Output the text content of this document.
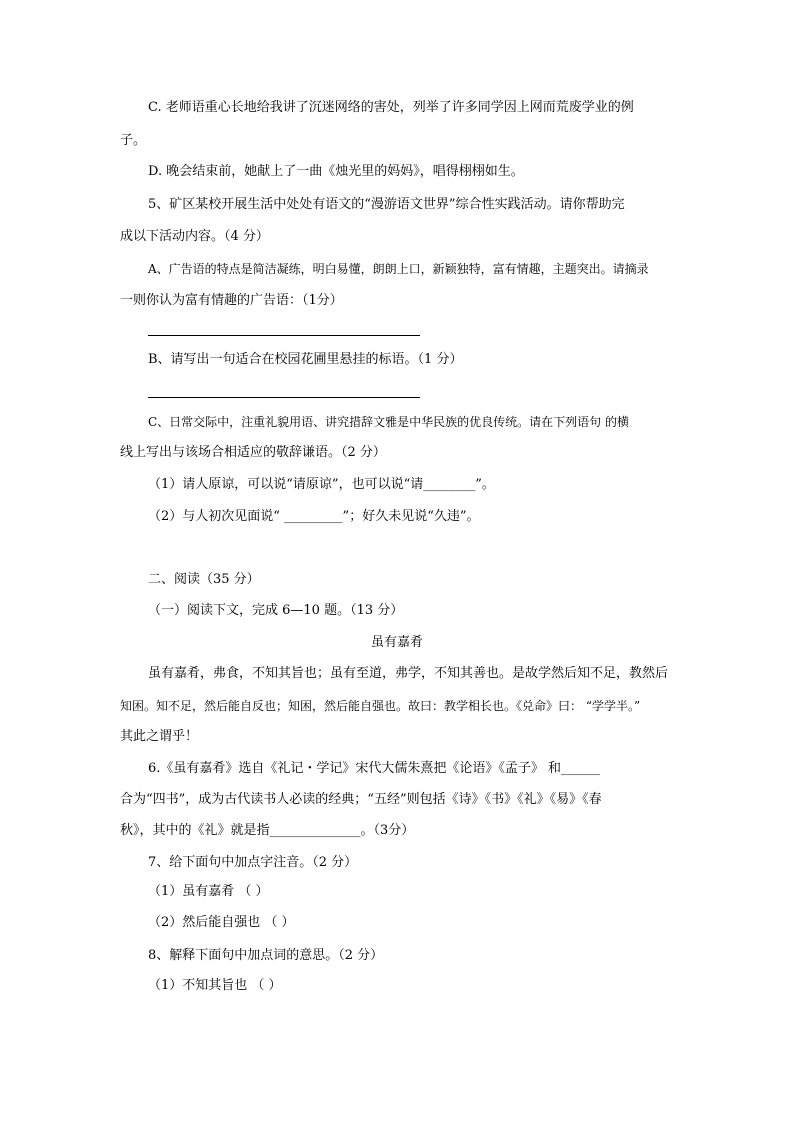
C. 老师语重心长地给我讲了沉迷网络的害处，列举了许多同学因上网而荒废学业的例
子。
D. 晚会结束前，她献上了一曲《烛光里的妈妈》，唱得栩栩如生。
5、矿区某校开展生活中处处有语文的“漫游语文世界”综合性实践活动。请你帮助完
成以下活动内容。（4 分）
A、广告语的特点是简洁凝练，明白易懂，朗朗上口，新颖独特，富有情趣，主题突出。请摘录
一则你认为富有情趣的广告语：（1分）
B、请写出一句适合在校园花圃里悬挂的标语。（1 分）
C、日常交际中，注重礼貌用语、讲究措辞文雅是中华民族的优良传统。请在下列语句 的横
线上写出与该场合相适应的敬辞谦语。（2 分）
（1）请人原谅，可以说“请原谅”，也可以说“请________”。
（2）与人初次见面说“ _________”；好久未见说“久违”。
二、阅读（35 分）
（一）阅读下文，完成 6—10 题。（13 分）
虽有嘉肴
虽有嘉肴，弗食，不知其旨也；虽有至道，弗学，不知其善也。是故学然后知不足，教然后
知困。知不足，然后能自反也；知困，然后能自强也。故曰：教学相长也。《兑命》曰： “学学半。”
其此之谓乎！
6.《虽有嘉肴》选自《礼记・学记》宋代大儒朱熹把《论语》《孟子》 和______
合为“四书”，成为古代读书人必读的经典；“五经”则包括《诗》《书》《礼》《易》《春
秋》，其中的《礼》就是指______________。（3分）
7、给下面句中加点字注音。（2 分）
（1）虽有嘉肴 （ ）
（2）然后能自强也 （ ）
8、解释下面句中加点词的意思。（2 分）
（1）不知其旨也 （ ）
